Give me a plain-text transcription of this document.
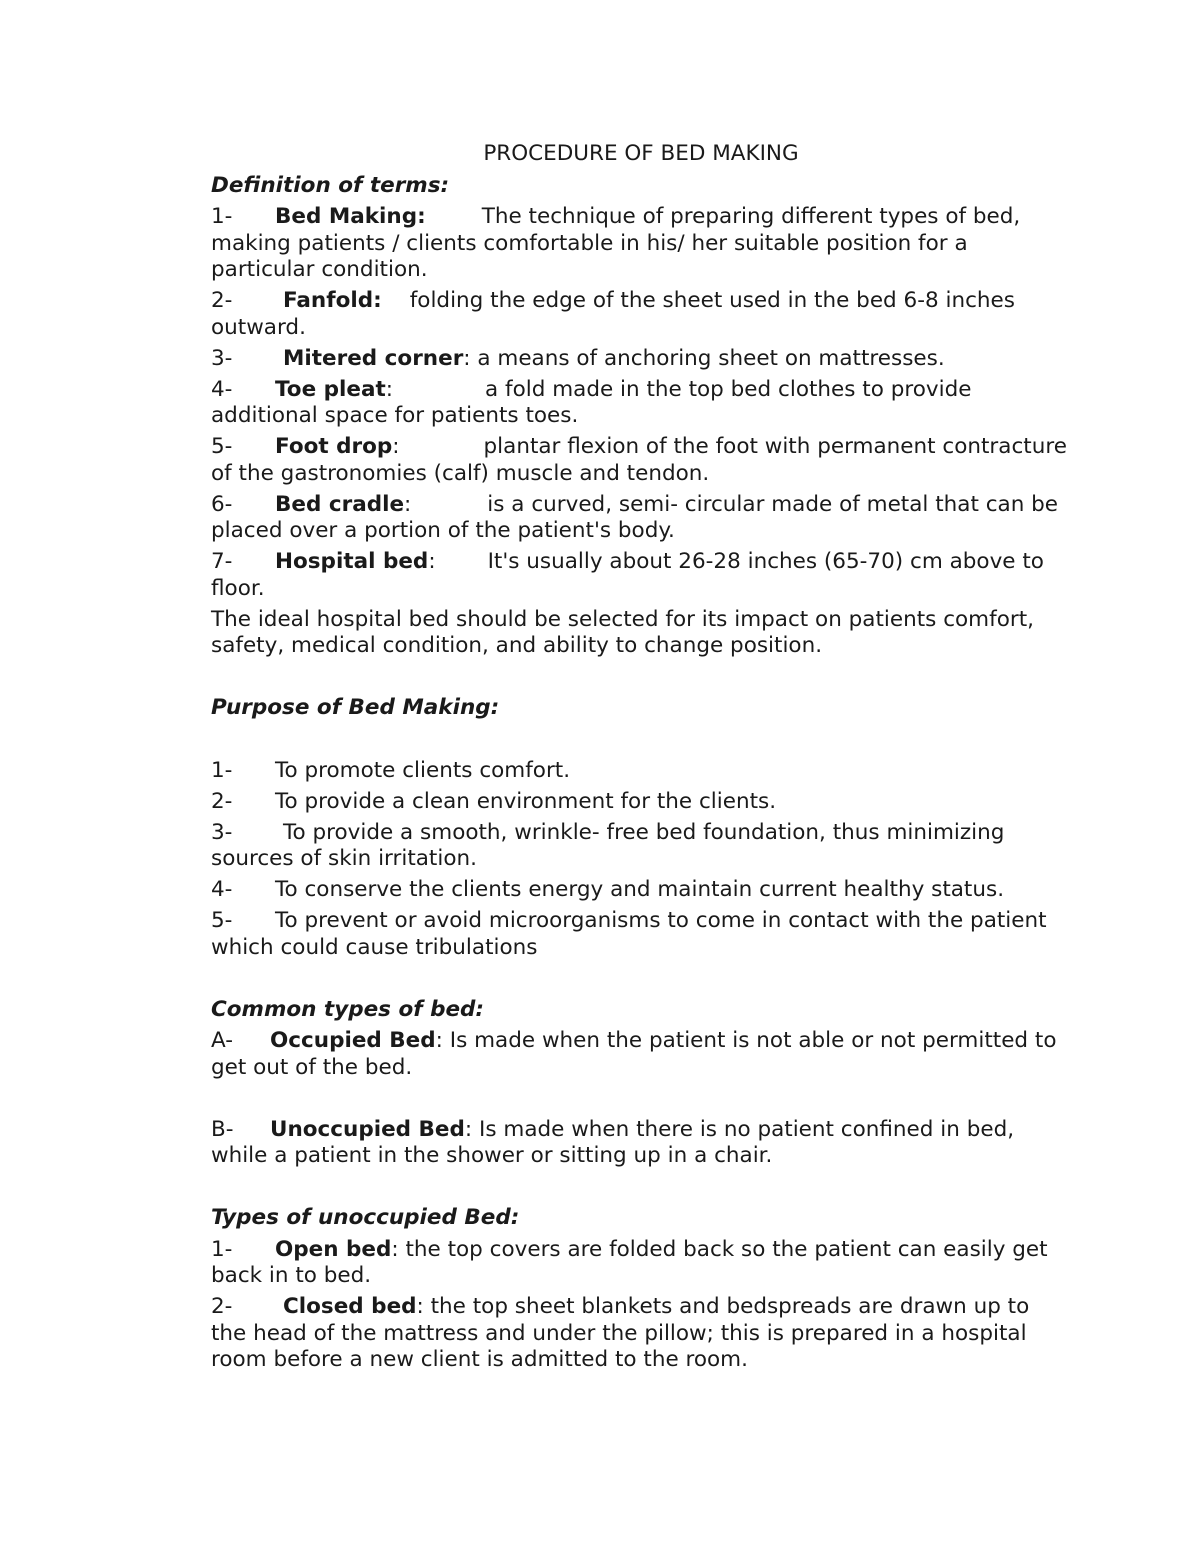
PROCEDURE OF BED MAKING
Definition of terms:

1- Bed Making:	The technique of preparing different types of bed, making patients / clients comfortable in his/ her suitable position for a particular condition.

2- Fanfold: folding the edge of the sheet used in the bed 6-8 inches outward.

3- Mitered corner: a means of anchoring sheet on mattresses.

4- Toe pleat:	a fold made in the top bed clothes to provide additional space for patients toes.

5- Foot drop:	plantar flexion of the foot with permanent contracture of the gastronomies (calf) muscle and tendon.

6- Bed cradle:	is a curved, semi- circular made of metal that can be placed over a portion of the patient's body.

7- Hospital bed: It's usually about 26-28 inches (65-70) cm above to floor.

The ideal hospital bed should be selected for its impact on patients comfort, safety, medical condition, and ability to change position.

Purpose of Bed Making:

1- To promote clients comfort.

2- To provide a clean environment for the clients.

3- To provide a smooth, wrinkle- free bed foundation, thus minimizing sources of skin irritation.

4- To conserve the clients energy and maintain current healthy status.

5- To prevent or avoid microorganisms to come in contact with the patient which could cause tribulations

Common types of bed:

A- Occupied Bed: Is made when the patient is not able or not permitted to get out of the bed.

B- Unoccupied Bed: Is made when there is no patient confined in bed, while a patient in the shower or sitting up in a chair.

Types of unoccupied Bed:

1- Open bed: the top covers are folded back so the patient can easily get back in to bed.

2- Closed bed: the top sheet blankets and bedspreads are drawn up to the head of the mattress and under the pillow; this is prepared in a hospital room before a new client is admitted to the room.
